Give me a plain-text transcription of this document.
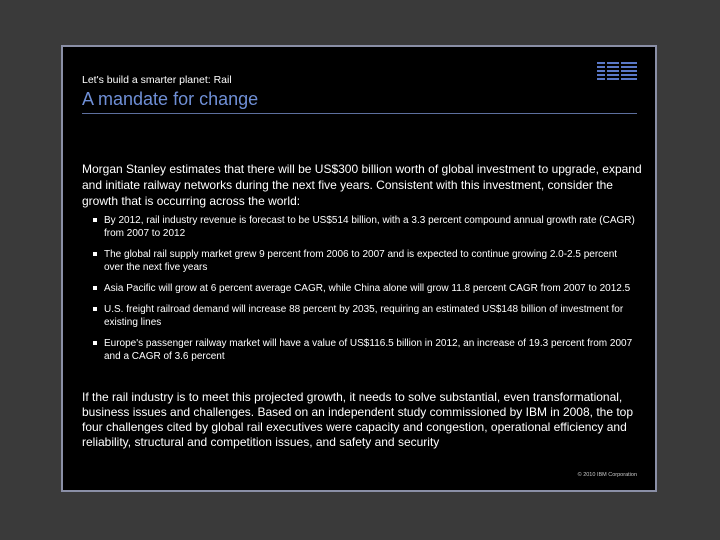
Let's build a smarter planet: Rail
A mandate for change
Morgan Stanley estimates that there will be US$300 billion worth of global investment to upgrade, expand and initiate railway networks during the next five years. Consistent with this investment, consider the growth that is occurring across the world:
By 2012, rail industry revenue is forecast to be US$514 billion, with a 3.3 percent compound annual growth rate (CAGR) from 2007 to 2012
The global rail supply market grew 9 percent from 2006 to 2007 and is expected to continue growing 2.0-2.5 percent over the next five years
Asia Pacific will grow at 6 percent average CAGR, while China alone will grow 11.8 percent CAGR from 2007 to 2012.5
U.S. freight railroad demand will increase 88 percent by 2035, requiring an estimated US$148 billion of investment for existing lines
Europe's passenger railway market will have a value of US$116.5 billion in 2012, an increase of 19.3 percent from 2007 and a CAGR of 3.6 percent
If the rail industry is to meet this projected growth, it needs to solve substantial, even transformational, business issues and challenges. Based on an independent study commissioned by IBM in 2008, the top four challenges cited by global rail executives were capacity and congestion, operational efficiency and reliability, structural and competition issues, and safety and security
© 2010 IBM Corporation
